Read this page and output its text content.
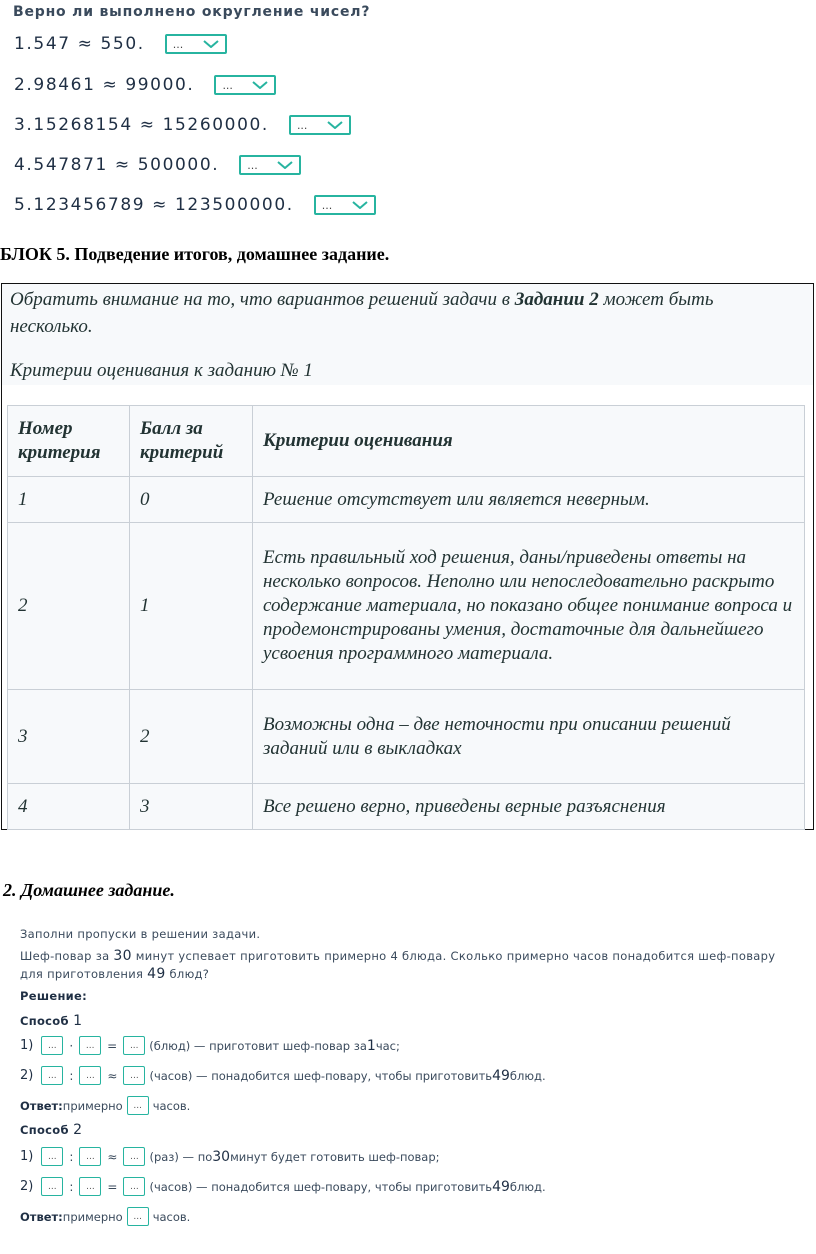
Верно ли выполнено округление чисел?
1.547 ≈ 550.	...
2.98461 ≈ 99000.	...
3.15268154 ≈ 15260000.	...
4.547871 ≈ 500000.	...
5.123456789 ≈ 123500000.	...
БЛОК 5. Подведение итогов, домашнее задание.
Обратить внимание на то, что вариантов решений задачи в Задании 2 может быть несколько.
Критерии оценивания к заданию № 1
Номер критерия	Балл за критерий	Критерии оценивания
1	0	Решение отсутствует или является неверным.
2	1	Есть правильный ход решения, даны/приведены ответы на несколько вопросов. Неполно или непоследовательно раскрыто содержание материала, но показано общее понимание вопроса и продемонстрированы умения, достаточные для дальнейшего усвоения программного материала.
3	2	Возможны одна – две неточности при описании решений заданий или в выкладках
4	3	Все решено верно, приведены верные разъяснения
2. Домашнее задание.
Заполни пропуски в решении задачи.
Шеф-повар за 30 минут успевает приготовить примерно 4 блюда. Сколько примерно часов понадобится шеф-повару
для приготовления 49 блюд?
Решение:
Способ 1
1)	...	·	...	=	... (блюд) — приготовит шеф-повар за 1 час;
2)	...	:	...	≈	... (часов) — понадобится шеф-повару, чтобы приготовить 49 блюд.
Ответ: примерно	... часов.
Способ 2
1)	...	:	...	≈	... (раз) — по 30 минут будет готовить шеф-повар;
2)	...	:	...	=	... (часов) — понадобится шеф-повару, чтобы приготовить 49 блюд.
Ответ: примерно	... часов.
